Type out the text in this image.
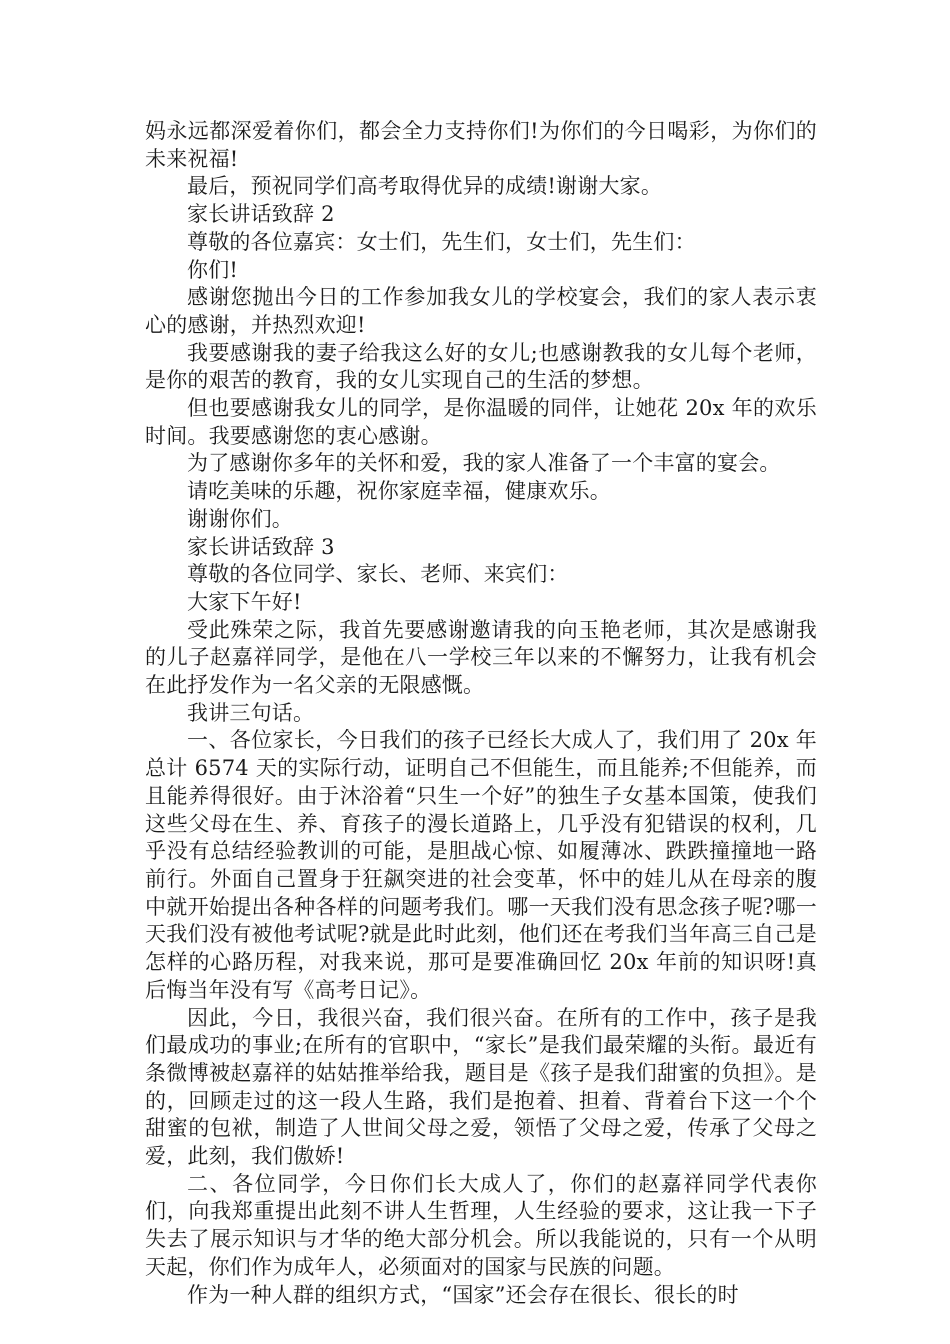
妈永远都深爱着你们，都会全力支持你们!为你们的今日喝彩，为你们的未来祝福!

最后，预祝同学们高考取得优异的成绩!谢谢大家。

家长讲话致辞 2

尊敬的各位嘉宾：女士们，先生们，女士们，先生们：

你们!

感谢您抛出今日的工作参加我女儿的学校宴会，我们的家人表示衷心的感谢，并热烈欢迎!

我要感谢我的妻子给我这么好的女儿;也感谢教我的女儿每个老师，是你的艰苦的教育，我的女儿实现自己的生活的梦想。

但也要感谢我女儿的同学，是你温暖的同伴，让她花 20x 年的欢乐时间。我要感谢您的衷心感谢。

为了感谢你多年的关怀和爱，我的家人准备了一个丰富的宴会。

请吃美味的乐趣，祝你家庭幸福，健康欢乐。

谢谢你们。

家长讲话致辞 3

尊敬的各位同学、家长、老师、来宾们：

大家下午好!

受此殊荣之际，我首先要感谢邀请我的向玉艳老师，其次是感谢我的儿子赵嘉祥同学，是他在八一学校三年以来的不懈努力，让我有机会在此抒发作为一名父亲的无限感慨。

我讲三句话。

一、各位家长，今日我们的孩子已经长大成人了，我们用了 20x 年总计 6574 天的实际行动，证明自己不但能生，而且能养;不但能养，而且能养得很好。由于沐浴着“只生一个好”的独生子女基本国策，使我们这些父母在生、养、育孩子的漫长道路上，几乎没有犯错误的权利，几乎没有总结经验教训的可能，是胆战心惊、如履薄冰、跌跌撞撞地一路前行。外面自己置身于狂飙突进的社会变革，怀中的娃儿从在母亲的腹中就开始提出各种各样的问题考我们。哪一天我们没有思念孩子呢?哪一天我们没有被他考试呢?就是此时此刻，他们还在考我们当年高三自己是怎样的心路历程，对我来说，那可是要准确回忆 20x 年前的知识呀!真后悔当年没有写《高考日记》。

因此，今日，我很兴奋，我们很兴奋。在所有的工作中，孩子是我们最成功的事业;在所有的官职中，“家长”是我们最荣耀的头衔。最近有条微博被赵嘉祥的姑姑推举给我，题目是《孩子是我们甜蜜的负担》。是的，回顾走过的这一段人生路，我们是抱着、担着、背着台下这一个个甜蜜的包袱，制造了人世间父母之爱，领悟了父母之爱，传承了父母之爱，此刻，我们傲娇!

二、各位同学，今日你们长大成人了，你们的赵嘉祥同学代表你们，向我郑重提出此刻不讲人生哲理，人生经验的要求，这让我一下子失去了展示知识与才华的绝大部分机会。所以我能说的，只有一个从明天起，你们作为成年人，必须面对的国家与民族的问题。

作为一种人群的组织方式，“国家”还会存在很长、很长的时
